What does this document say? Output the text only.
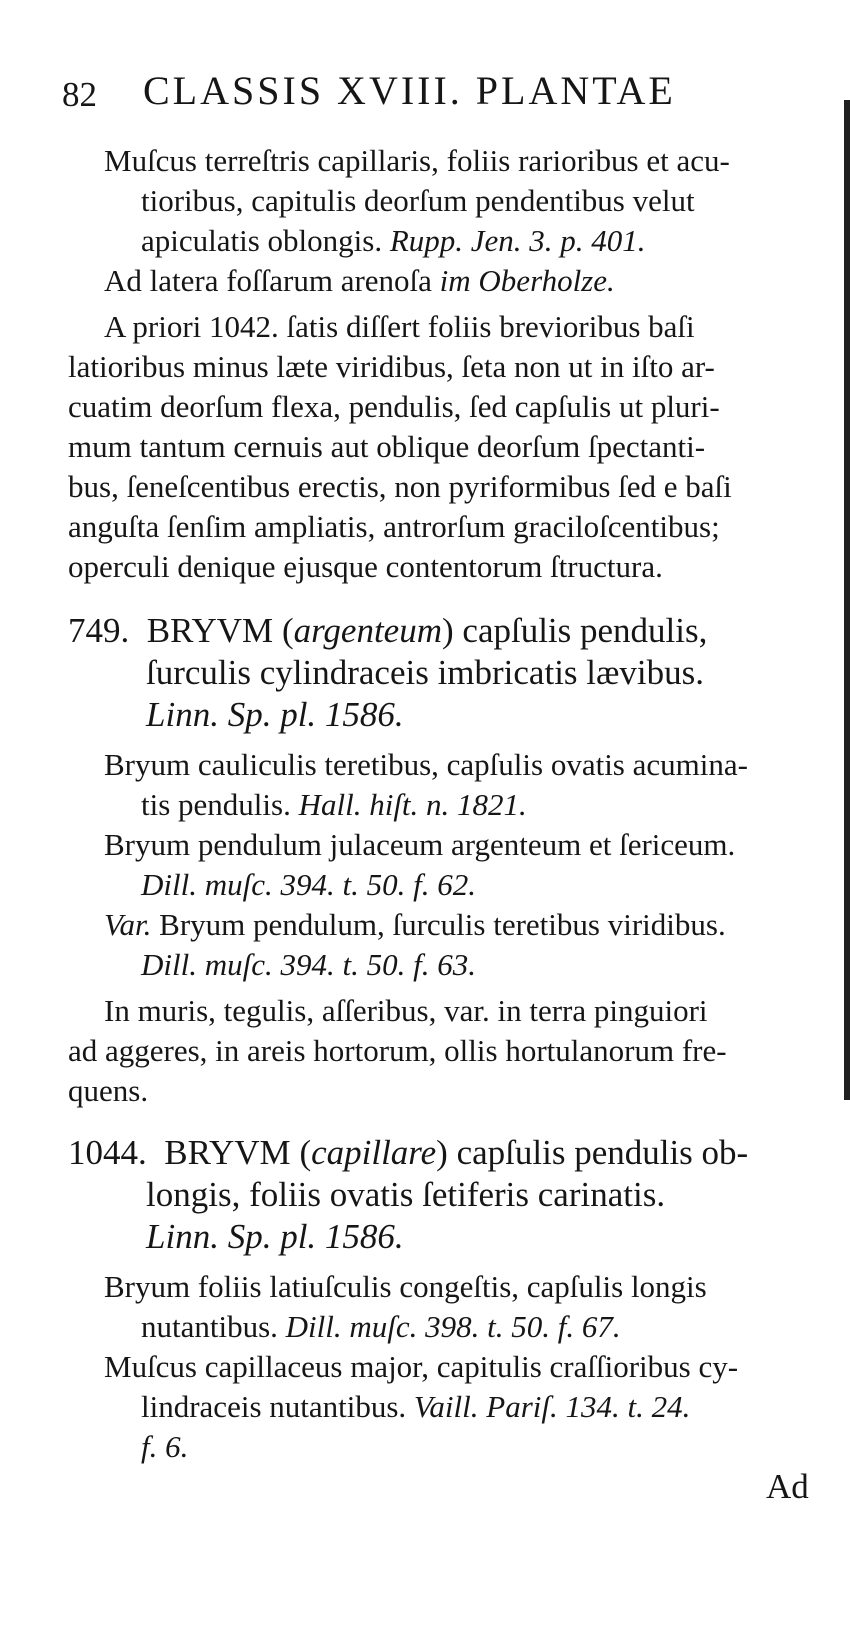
82 CLASSIS XVIII. PLANTAE
Muſcus terreſtris capillaris, foliis rarioribus et acu-
tioribus, capitulis deorſum pendentibus velut
apiculatis oblongis. Rupp. Jen. 3. p. 401.
Ad latera foſſarum arenoſa im Oberholze.
A priori 1042. ſatis diſſert foliis brevioribus baſi
latioribus minus læte viridibus, ſeta non ut in iſto ar-
cuatim deorſum flexa, pendulis, ſed capſulis ut pluri-
mum tantum cernuis aut oblique deorſum ſpectanti-
bus, ſeneſcentibus erectis, non pyriformibus ſed e baſi
anguſta ſenſim ampliatis, antrorſum graciloſcentibus;
operculi denique ejusque contentorum ſtructura.
749. BRYVM (argenteum) capſulis pendulis,
ſurculis cylindraceis imbricatis lævibus.
Linn. Sp. pl. 1586.
Bryum cauliculis teretibus, capſulis ovatis acumina-
tis pendulis. Hall. hiſt. n. 1821.
Bryum pendulum julaceum argenteum et ſericeum.
Dill. muſc. 394. t. 50. f. 62.
Var. Bryum pendulum, ſurculis teretibus viridibus.
Dill. muſc. 394. t. 50. f. 63.
In muris, tegulis, aſſeribus, var. in terra pinguiori
ad aggeres, in areis hortorum, ollis hortulanorum fre-
quens.
1044. BRYVM (capillare) capſulis pendulis ob-
longis, foliis ovatis ſetiferis carinatis.
Linn. Sp. pl. 1586.
Bryum foliis latiuſculis congeſtis, capſulis longis
nutantibus. Dill. muſc. 398. t. 50. f. 67.
Muſcus capillaceus major, capitulis craſſioribus cy-
lindraceis nutantibus. Vaill. Pariſ. 134. t. 24.
f. 6.
Ad
